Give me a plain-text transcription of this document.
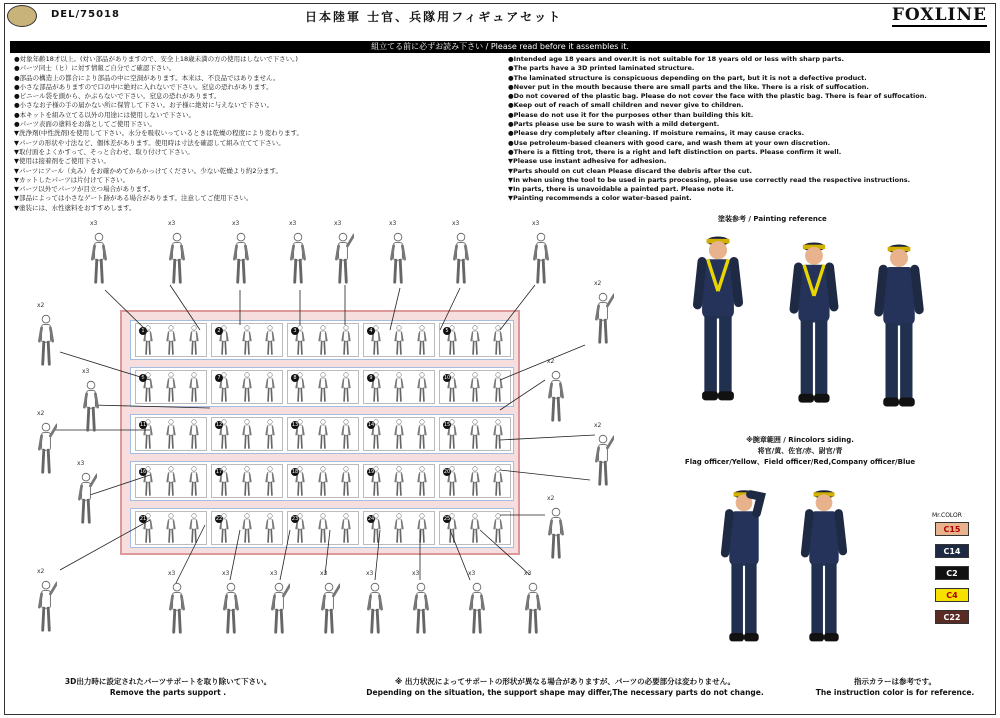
DEL/75018	日本陸軍 士官、兵隊用フィギュアセット	FOXLINE
組立てる前に必ずお読み下さい / Please read before it assembles it.
●対象年齢18才以上。(対い部品がありますので、安全上18歳未満の方の使用はしないで下さい。)
●パーツ同士（ヒ）に対す情報ご自分でご確認下さい。
●部品の構造上の都合により部品の中に空洞があります。本来は、不良品ではありません。
●小さな部品がありますので口の中に絶対に入れないで下さい。窒息の恐れがあります。
●ビニール袋を頭から、かぶらないで下さい。窒息の恐れがあります。
●小さなお子様の手の届かない所に保管して下さい。お子様に絶対に与えないで下さい。
●本キットを組み立てる以外の用途には使用しないで下さい。
●パーツ表面の塗料をお落としてご使用下さい。
▼洗浄剤(中性洗剤)を使用して下さい。水分を吸収いっているときは乾燥の程度により変わります。
▼パーツの形状や寸法など、個体差があります。使用時は寸法を確認して組み立てて下さい。
▼取付面をよくかすって、そっと合わせ、取り付けて下さい。
▼使用は接着剤をご使用下さい。
▼パーツにアール（丸み）をお確かめてからかっけてください。少ない乾燥より約2分ます。
▼カットしたパーツは片付けて下さい。
▼パーツ以外でパーツが目立つ場合があります。
▼部品によっては小さなゲート跡がある場合があります。注意してご使用下さい。
▼塗装には、水性塗料をおすすめします。
●Intended age 18 years and over.It is not suitable for 18 years old or less with sharp parts.
●The parts have a 3D printed laminated structure.
●The laminated structure is conspicuous depending on the part, but it is not a defective product.
●Never put in the mouth because there are small parts and the like. There is a risk of suffocation.
●Do not covered of the plastic bag. Please do not cover the face with the plastic bag. There is fear of suffocation.
●Keep out of reach of small children and never give to children.
●Please do not use it for the purposes other than building this kit.
●Parts please use be sure to wash with a mild detergent.
●Please dry completely after cleaning. If moisture remains, it may cause cracks.
●Use petroleum-based cleaners with good care, and wash them at your own discretion.
●There is a fitting trot, there is a right and left distinction on parts. Please confirm it well.
▼Please use instant adhesive for adhesion.
▼Parts should on cut clean Please discard the debris after the cut.
▼In when using the tool to be used in parts processing, please use correctly read the respective instructions.
▼In parts, there is unavoidable a painted part. Please note it.
▼Painting recommends a color water-based paint.
1	2	3	4	5
6	7	8	9	10
11	12	13	14	15
16	17	18	19	20
21	22	23	24	25
x3	x3	x3	x3	x3	x3	x3	x3
x2
x3
x2
x3
x2
x2
x2
x2
x2
x3	x3	x3	x3	x3	x3	x3	x3
塗装参考 / Painting reference
※腕章範囲 / Rincolors siding.
将官/黄、佐官/赤、尉官/青
Flag officer/Yellow、Field officer/Red,Company officer/Blue
Mr.COLOR
C15
C14
C2
C4
C22
3D出力時に設定されたパーツサポートを取り除いて下さい。
Remove the parts support .
※ 出力状況によってサポートの形状が異なる場合がありますが、パーツの必要部分は変わりません。
Depending on the situation, the support shape may differ,The necessary parts do not change.
指示カラーは参考です。
The instruction color is for reference.
